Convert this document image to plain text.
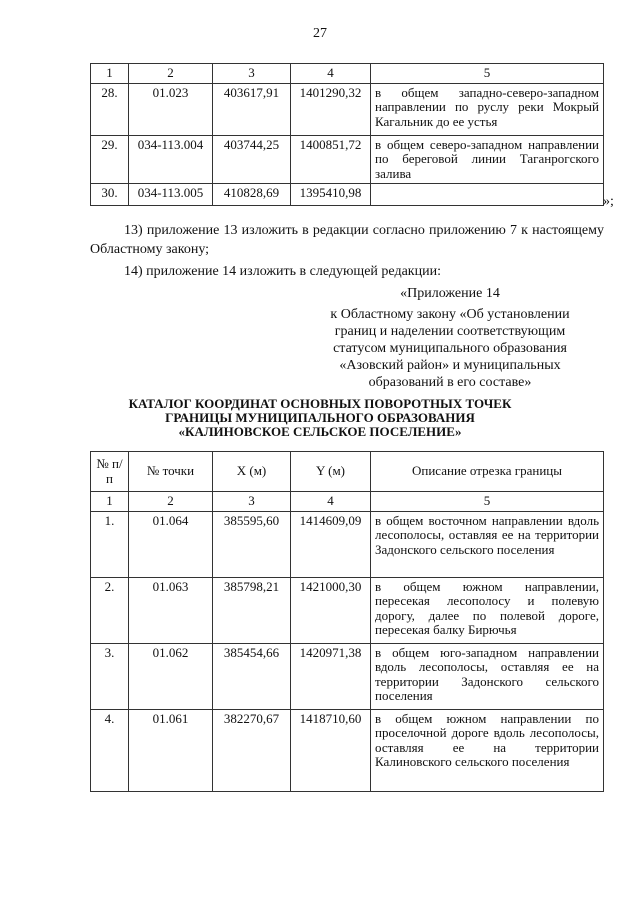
27
1	2	3	4	5
28.	01.023	403617,91	1401290,32	в общем западно-северо-западном направлении по руслу реки Мокрый Кагальник до ее устья
29.	034-113.004	403744,25	1400851,72	в общем северо-западном направлении по береговой линии Таганрогского залива
30.	034-113.005	410828,69	1395410,98	
»;
13) приложение 13 изложить в редакции согласно приложению 7 к настоящему Областному закону;
14) приложение 14 изложить в следующей редакции:
«Приложение 14
к Областному закону «Об установлении
границ и наделении соответствующим
статусом муниципального образования
«Азовский район» и муниципальных
образований в его составе»
КАТАЛОГ КООРДИНАТ ОСНОВНЫХ ПОВОРОТНЫХ ТОЧЕК
ГРАНИЦЫ МУНИЦИПАЛЬНОГО ОБРАЗОВАНИЯ
«КАЛИНОВСКОЕ СЕЛЬСКОЕ ПОСЕЛЕНИЕ»
№ п/п	№ точки	X (м)	Y (м)	Описание отрезка границы
1	2	3	4	5
1.	01.064	385595,60	1414609,09	в общем восточном направлении вдоль лесополосы, оставляя ее на территории Задонского сельского поселения
2.	01.063	385798,21	1421000,30	в общем южном направлении, пересекая лесополосу и полевую дорогу, далее по полевой дороге, пересекая балку Бирючья
3.	01.062	385454,66	1420971,38	в общем юго-западном направлении вдоль лесополосы, оставляя ее на территории Задонского сельского поселения
4.	01.061	382270,67	1418710,60	в общем южном направлении по проселочной дороге вдоль лесополосы, оставляя ее на территории Калиновского сельского поселения
